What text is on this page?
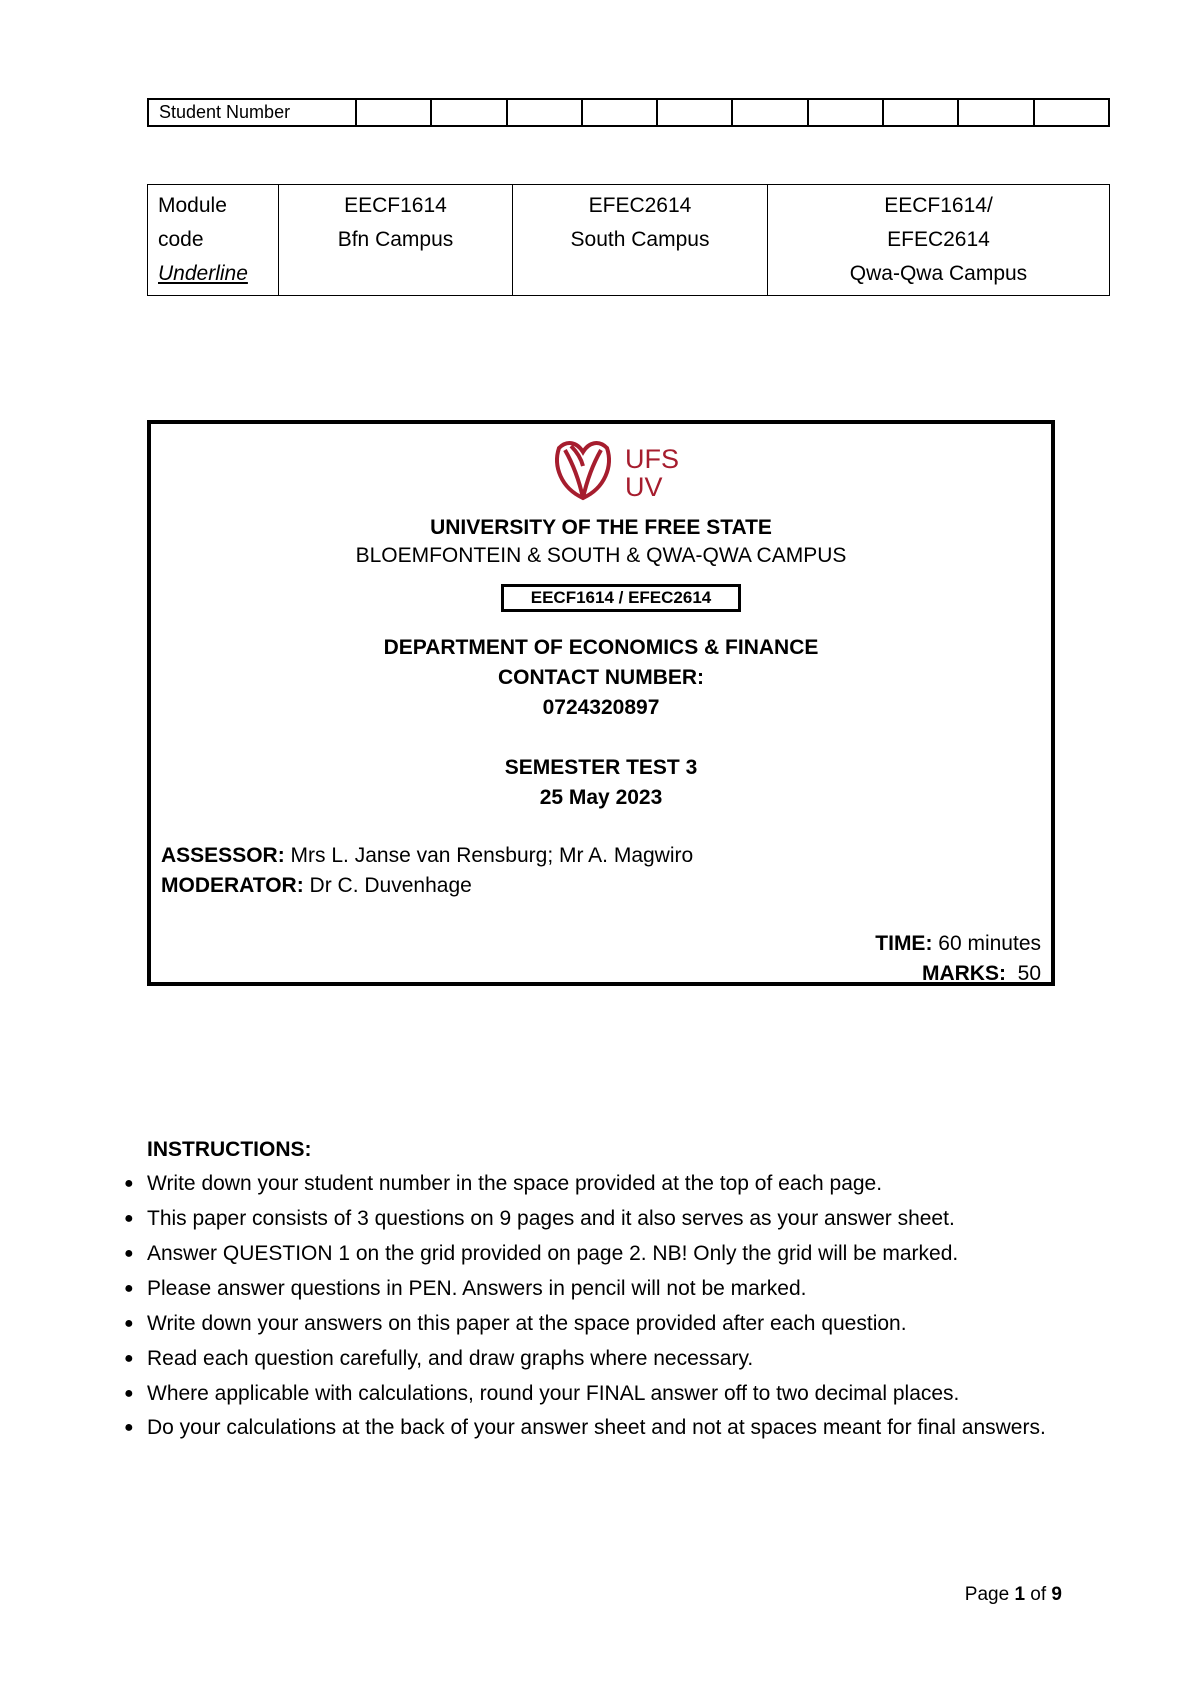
Student Number										
Module
code
Underline

EECF1614
Bfn Campus

EFEC2614
South Campus

EECF1614/
EFEC2614
Qwa-Qwa Campus
UFS
UV
UNIVERSITY OF THE FREE STATE
BLOEMFONTEIN & SOUTH & QWA-QWA CAMPUS
EECF1614 / EFEC2614
DEPARTMENT OF ECONOMICS & FINANCE
CONTACT NUMBER:
0724320897
SEMESTER TEST 3
25 May 2023
ASSESSOR: Mrs L. Janse van Rensburg; Mr A. Magwiro
MODERATOR: Dr C. Duvenhage
TIME: 60 minutes
MARKS:  50
INSTRUCTIONS:
● Write down your student number in the space provided at the top of each page.
● This paper consists of 3 questions on 9 pages and it also serves as your answer sheet.
● Answer QUESTION 1 on the grid provided on page 2. NB! Only the grid will be marked.
● Please answer questions in PEN. Answers in pencil will not be marked.
● Write down your answers on this paper at the space provided after each question.
● Read each question carefully, and draw graphs where necessary.
● Where applicable with calculations, round your FINAL answer off to two decimal places.
● Do your calculations at the back of your answer sheet and not at spaces meant for final answers.
Page 1 of 9
